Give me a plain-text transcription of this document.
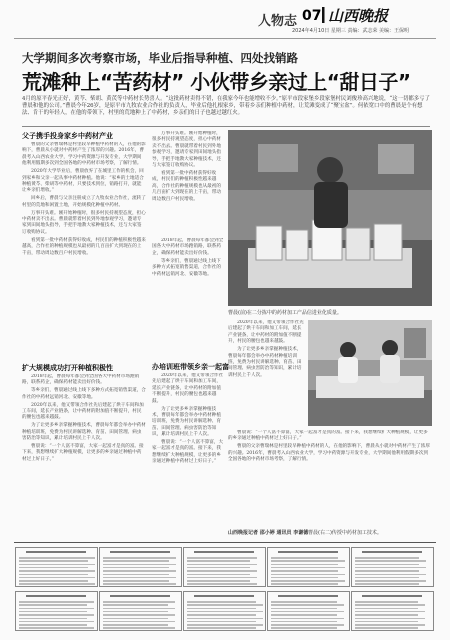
人物志 07 山西晚报
2024年4月10日 星期三 责编：武志荣 美编：王保明
大学期间多次考察市场，毕业后指导种植、四处找销路
荒滩种上“苦药材” 小伙带乡亲过上“甜日子”
4月的原平春光正好，黄芩、柴胡、黄芪等中药材长势喜人。“这批药材卖得不错，在我家今年也能增收不少。”原平市段家堡乡段家堡村民刘俊珍高兴地说，“这一切都多亏了曹晨和他的公司。”曹晨今年26岁，是原平市九牧农业合作社的负责人，毕业后他扎根家乡，带着乡亲们种植中药材，让荒滩变成了“聚宝盆”。何依宽口中的曹晨是个有想法、肯干的年轻人，在他的带领下，村里的荒地种上了中药材，乡亲们的日子也越过越红火。
父子携手投身家乡中药材产业

曹晨的父亲曹瑞林是村里较早种植中药材的人，在他的影响下，曹晨从小就对中药材产生了浓厚的兴趣。2016年，曹晨考入山西农业大学，学习中药资源与开发专业，大学期间他利用假期多次到全国各地的中药材市场考察，了解行情。

2020年大学毕业后，曹晨放弃了在城里工作的机会，回到家乡和父亲一起从事中药材种植。他说：“家乡的土地适合种植黄芩、柴胡等中药材，只要技术到位，销路打开，就能让乡亲们增收。”

回乡后，曹晨与父亲注册成立了九牧农业合作社，流转了村里的荒地和闲置土地，开始规模化种植中药材。

万事开头难。刚开始种植时，很多村民持观望态度，担心中药材卖不出去。曹晨就带着村民到外地参观学习，邀请专家到田间地头指导，手把手地教大家种植技术，还与大家签订收购协议。

看到第一批中药材获得好收成，村民们的种植积极性越来越高，合作社的种植规模也从最初的几百亩扩大到现在的上千亩，带动周边数百户村民增收。

扩大规模成功打开种植积极性

2018年起，曹晨每年都会到全国各大中药材市场跑销路，联系药企，确保药材能卖出好价钱。

等乡亲们，曹晨通过线上线下多种方式拓宽销售渠道，合作社的中药材远销河北、安徽等地。

2020年以来，他又带领合作社先后建起了烘干车间和加工车间，延长产业链条，让中药材的附加值不断提升，村民的腰包也越来越鼓。

为了让更多乡亲掌握种植技术，曹晨每年都会举办中药材种植培训班，免费为村民讲解选种、育苗、田间管理、病虫害防治等知识，累计培训村民上千人次。

曹晨说：“一个人富不算富，大家一起富才是真的富。接下来，我想继续扩大种植规模，让更多的乡亲通过种植中药材过上好日子。”

万事开头难。刚开始种植时，很多村民持观望态度，担心中药材卖不出去。曹晨就带着村民到外地参观学习，邀请专家到田间地头指导，手把手地教大家种植技术，还与大家签订收购协议。

看到第一批中药材获得好收成，村民们的种植积极性越来越高，合作社的种植规模也从最初的几百亩扩大到现在的上千亩，带动周边数百户村民增收。

曹晨(前)在二分拣中的药材加工产品信进业化质量。

2018年起，曹晨每年都会到全国各大中药材市场跑销路，联系药企，确保药材能卖出好价钱。

等乡亲们，曹晨通过线上线下多种方式拓宽销售渠道，合作社的中药材远销河北、安徽等地。

办培训班带领乡亲一起富

2020年以来，他又带领合作社先后建起了烘干车间和加工车间，延长产业链条，让中药材的附加值不断提升，村民的腰包也越来越鼓。

为了让更多乡亲掌握种植技术，曹晨每年都会举办中药材种植培训班，免费为村民讲解选种、育苗、田间管理、病虫害防治等知识，累计培训村民上千人次。

曹晨说：“一个人富不算富，大家一起富才是真的富。接下来，我想继续扩大种植规模，让更多的乡亲通过种植中药材过上好日子。”

2020年以来，他又带领合作社先后建起了烘干车间和加工车间，延长产业链条，让中药材的附加值不断提升，村民的腰包也越来越鼓。

为了让更多乡亲掌握种植技术，曹晨每年都会举办中药材种植培训班，免费为村民讲解选种、育苗、田间管理、病虫害防治等知识，累计培训村民上千人次。

曹晨说：“一个人富不算富，大家一起富才是真的富。接下来，我想继续扩大种植规模，让更多的乡亲通过种植中药材过上好日子。”

曹晨的父亲曹瑞林是村里较早种植中药材的人，在他的影响下，曹晨从小就对中药材产生了浓厚的兴趣。2016年，曹晨考入山西农业大学，学习中药资源与开发专业，大学期间他利用假期多次到全国各地的中药材市场考察，了解行情。

曹晨(右二)传授中药材加工技术。
山西晚报记者 邵小婷 通讯员 李谦德
